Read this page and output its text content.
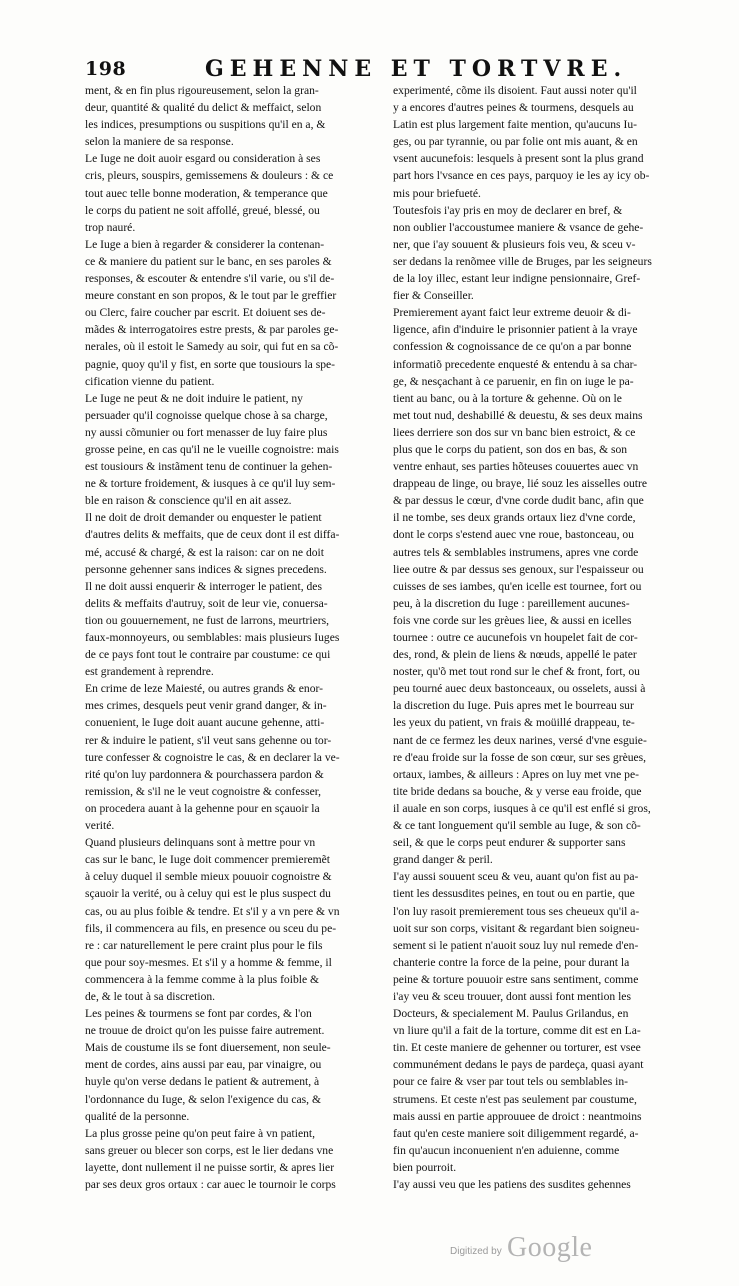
198	GEHENNE ET TORTVRE.
ment, & en fin plus rigoureusement, selon la gran-
deur, quantité & qualité du delict & meffaict, selon
les indices, presumptions ou suspitions qu'il en a, &
selon la maniere de sa response.
Le Iuge ne doit auoir esgard ou consideration à ses
cris, pleurs, souspirs, gemissemens & douleurs : & ce
tout auec telle bonne moderation, & temperance que
le corps du patient ne soit affollé, greué, blessé, ou
trop nauré.
Le Iuge a bien à regarder & considerer la contenan-
ce & maniere du patient sur le banc, en ses paroles &
responses, & escouter & entendre s'il varie, ou s'il de-
meure constant en son propos, & le tout par le greffier
ou Clerc, faire coucher par escrit. Et doiuent ses de-
mãdes & interrogatoires estre prests, & par paroles ge-
nerales, où il estoit le Samedy au soir, qui fut en sa cõ-
pagnie, quoy qu'il y fist, en sorte que tousiours la spe-
cification vienne du patient.
Le Iuge ne peut & ne doit induire le patient, ny
persuader qu'il cognoisse quelque chose à sa charge,
ny aussi cõmunier ou fort menasser de luy faire plus
grosse peine, en cas qu'il ne le vueille cognoistre: mais
est tousiours & instãment tenu de continuer la gehen-
ne & torture froidement, & iusques à ce qu'il luy sem-
ble en raison & conscience qu'il en ait assez.
Il ne doit de droit demander ou enquester le patient
d'autres delits & meffaits, que de ceux dont il est diffa-
mé, accusé & chargé, & est la raison: car on ne doit
personne gehenner sans indices & signes precedens.
Il ne doit aussi enquerir & interroger le patient, des
delits & meffaits d'autruy, soit de leur vie, conuersa-
tion ou gouuernement, ne fust de larrons, meurtriers,
faux-monnoyeurs, ou semblables: mais plusieurs Iuges
de ce pays font tout le contraire par coustume: ce qui
est grandement à reprendre.
En crime de leze Maiesté, ou autres grands & enor-
mes crimes, desquels peut venir grand danger, & in-
conuenient, le Iuge doit auant aucune gehenne, atti-
rer & induire le patient, s'il veut sans gehenne ou tor-
ture confesser & cognoistre le cas, & en declarer la ve-
rité qu'on luy pardonnera & pourchassera pardon &
remission, & s'il ne le veut cognoistre & confesser,
on procedera auant à la gehenne pour en sçauoir la
verité.
Quand plusieurs delinquans sont à mettre pour vn
cas sur le banc, le Iuge doit commencer premieremẽt
à celuy duquel il semble mieux pouuoir cognoistre &
sçauoir la verité, ou à celuy qui est le plus suspect du
cas, ou au plus foible & tendre. Et s'il y a vn pere & vn
fils, il commencera au fils, en presence ou sceu du pe-
re : car naturellement le pere craint plus pour le fils
que pour soy-mesmes. Et s'il y a homme & femme, il
commencera à la femme comme à la plus foible &
de, & le tout à sa discretion.
Les peines & tourmens se font par cordes, & l'on
ne trouue de droict qu'on les puisse faire autrement.
Mais de coustume ils se font diuersement, non seule-
ment de cordes, ains aussi par eau, par vinaigre, ou
huyle qu'on verse dedans le patient & autrement, à
l'ordonnance du Iuge, & selon l'exigence du cas, &
qualité de la personne.
La plus grosse peine qu'on peut faire à vn patient,
sans greuer ou blecer son corps, est le lier dedans vne
layette, dont nullement il ne puisse sortir, & apres lier
par ses deux gros ortaux : car auec le tournoir le corps
experimenté, cõme ils disoient. Faut aussi noter qu'il
y a encores d'autres peines & tourmens, desquels au
Latin est plus largement faite mention, qu'aucuns Iu-
ges, ou par tyrannie, ou par folie ont mis auant, & en
vsent aucunefois: lesquels à present sont la plus grand
part hors l'vsance en ces pays, parquoy ie les ay icy ob-
mis pour briefueté.
Toutesfois i'ay pris en moy de declarer en bref, &
non oublier l'accoustumee maniere & vsance de gehe-
ner, que i'ay souuent & plusieurs fois veu, & sceu v-
ser dedans la renõmee ville de Bruges, par les seigneurs
de la loy illec, estant leur indigne pensionnaire, Gref-
fier & Conseiller.
Premierement ayant faict leur extreme deuoir & di-
ligence, afin d'induire le prisonnier patient à la vraye
confession & cognoissance de ce qu'on a par bonne
informatiõ precedente enquesté & entendu à sa char-
ge, & nesçachant à ce paruenir, en fin on iuge le pa-
tient au banc, ou à la torture & gehenne. Où on le
met tout nud, deshabillé & deuestu, & ses deux mains
liees derriere son dos sur vn banc bien estroict, & ce
plus que le corps du patient, son dos en bas, & son
ventre enhaut, ses parties hõteuses couuertes auec vn
drappeau de linge, ou braye, lié souz les aisselles outre
& par dessus le cœur, d'vne corde dudit banc, afin que
il ne tombe, ses deux grands ortaux liez d'vne corde,
dont le corps s'estend auec vne roue, bastonceau, ou
autres tels & semblables instrumens, apres vne corde
liee outre & par dessus ses genoux, sur l'espaisseur ou
cuisses de ses iambes, qu'en icelle est tournee, fort ou
peu, à la discretion du Iuge : pareillement aucunes-
fois vne corde sur les grèues liee, & aussi en icelles
tournee : outre ce aucunefois vn houpelet fait de cor-
des, rond, & plein de liens & nœuds, appellé le pater
noster, qu'õ met tout rond sur le chef & front, fort, ou
peu tourné auec deux bastonceaux, ou osselets, aussi à
la discretion du Iuge. Puis apres met le bourreau sur
les yeux du patient, vn frais & moüillé drappeau, te-
nant de ce fermez les deux narines, versé d'vne esguie-
re d'eau froide sur la fosse de son cœur, sur ses grèues,
ortaux, iambes, & ailleurs : Apres on luy met vne pe-
tite bride dedans sa bouche, & y verse eau froide, que
il auale en son corps, iusques à ce qu'il est enflé si gros,
& ce tant longuement qu'il semble au Iuge, & son cõ-
seil, & que le corps peut endurer & supporter sans
grand danger & peril.
I'ay aussi souuent sceu & veu, auant qu'on fist au pa-
tient les dessusdites peines, en tout ou en partie, que
l'on luy rasoit premierement tous ses cheueux qu'il a-
uoit sur son corps, visitant & regardant bien soigneu-
sement si le patient n'auoit souz luy nul remede d'en-
chanterie contre la force de la peine, pour durant la
peine & torture pouuoir estre sans sentiment, comme
i'ay veu & sceu trouuer, dont aussi font mention les
Docteurs, & specialement M. Paulus Grilandus, en
vn liure qu'il a fait de la torture, comme dit est en La-
tin. Et ceste maniere de gehenner ou torturer, est vsee
communément dedans le pays de pardeça, quasi ayant
pour ce faire & vser par tout tels ou semblables in-
strumens. Et ceste n'est pas seulement par coustume,
mais aussi en partie approuuee de droict : neantmoins
faut qu'en ceste maniere soit diligemment regardé, a-
fin qu'aucun inconuenient n'en aduienne, comme
bien pourroit.
I'ay aussi veu que les patiens des susdites gehennes
Digitized by Google
